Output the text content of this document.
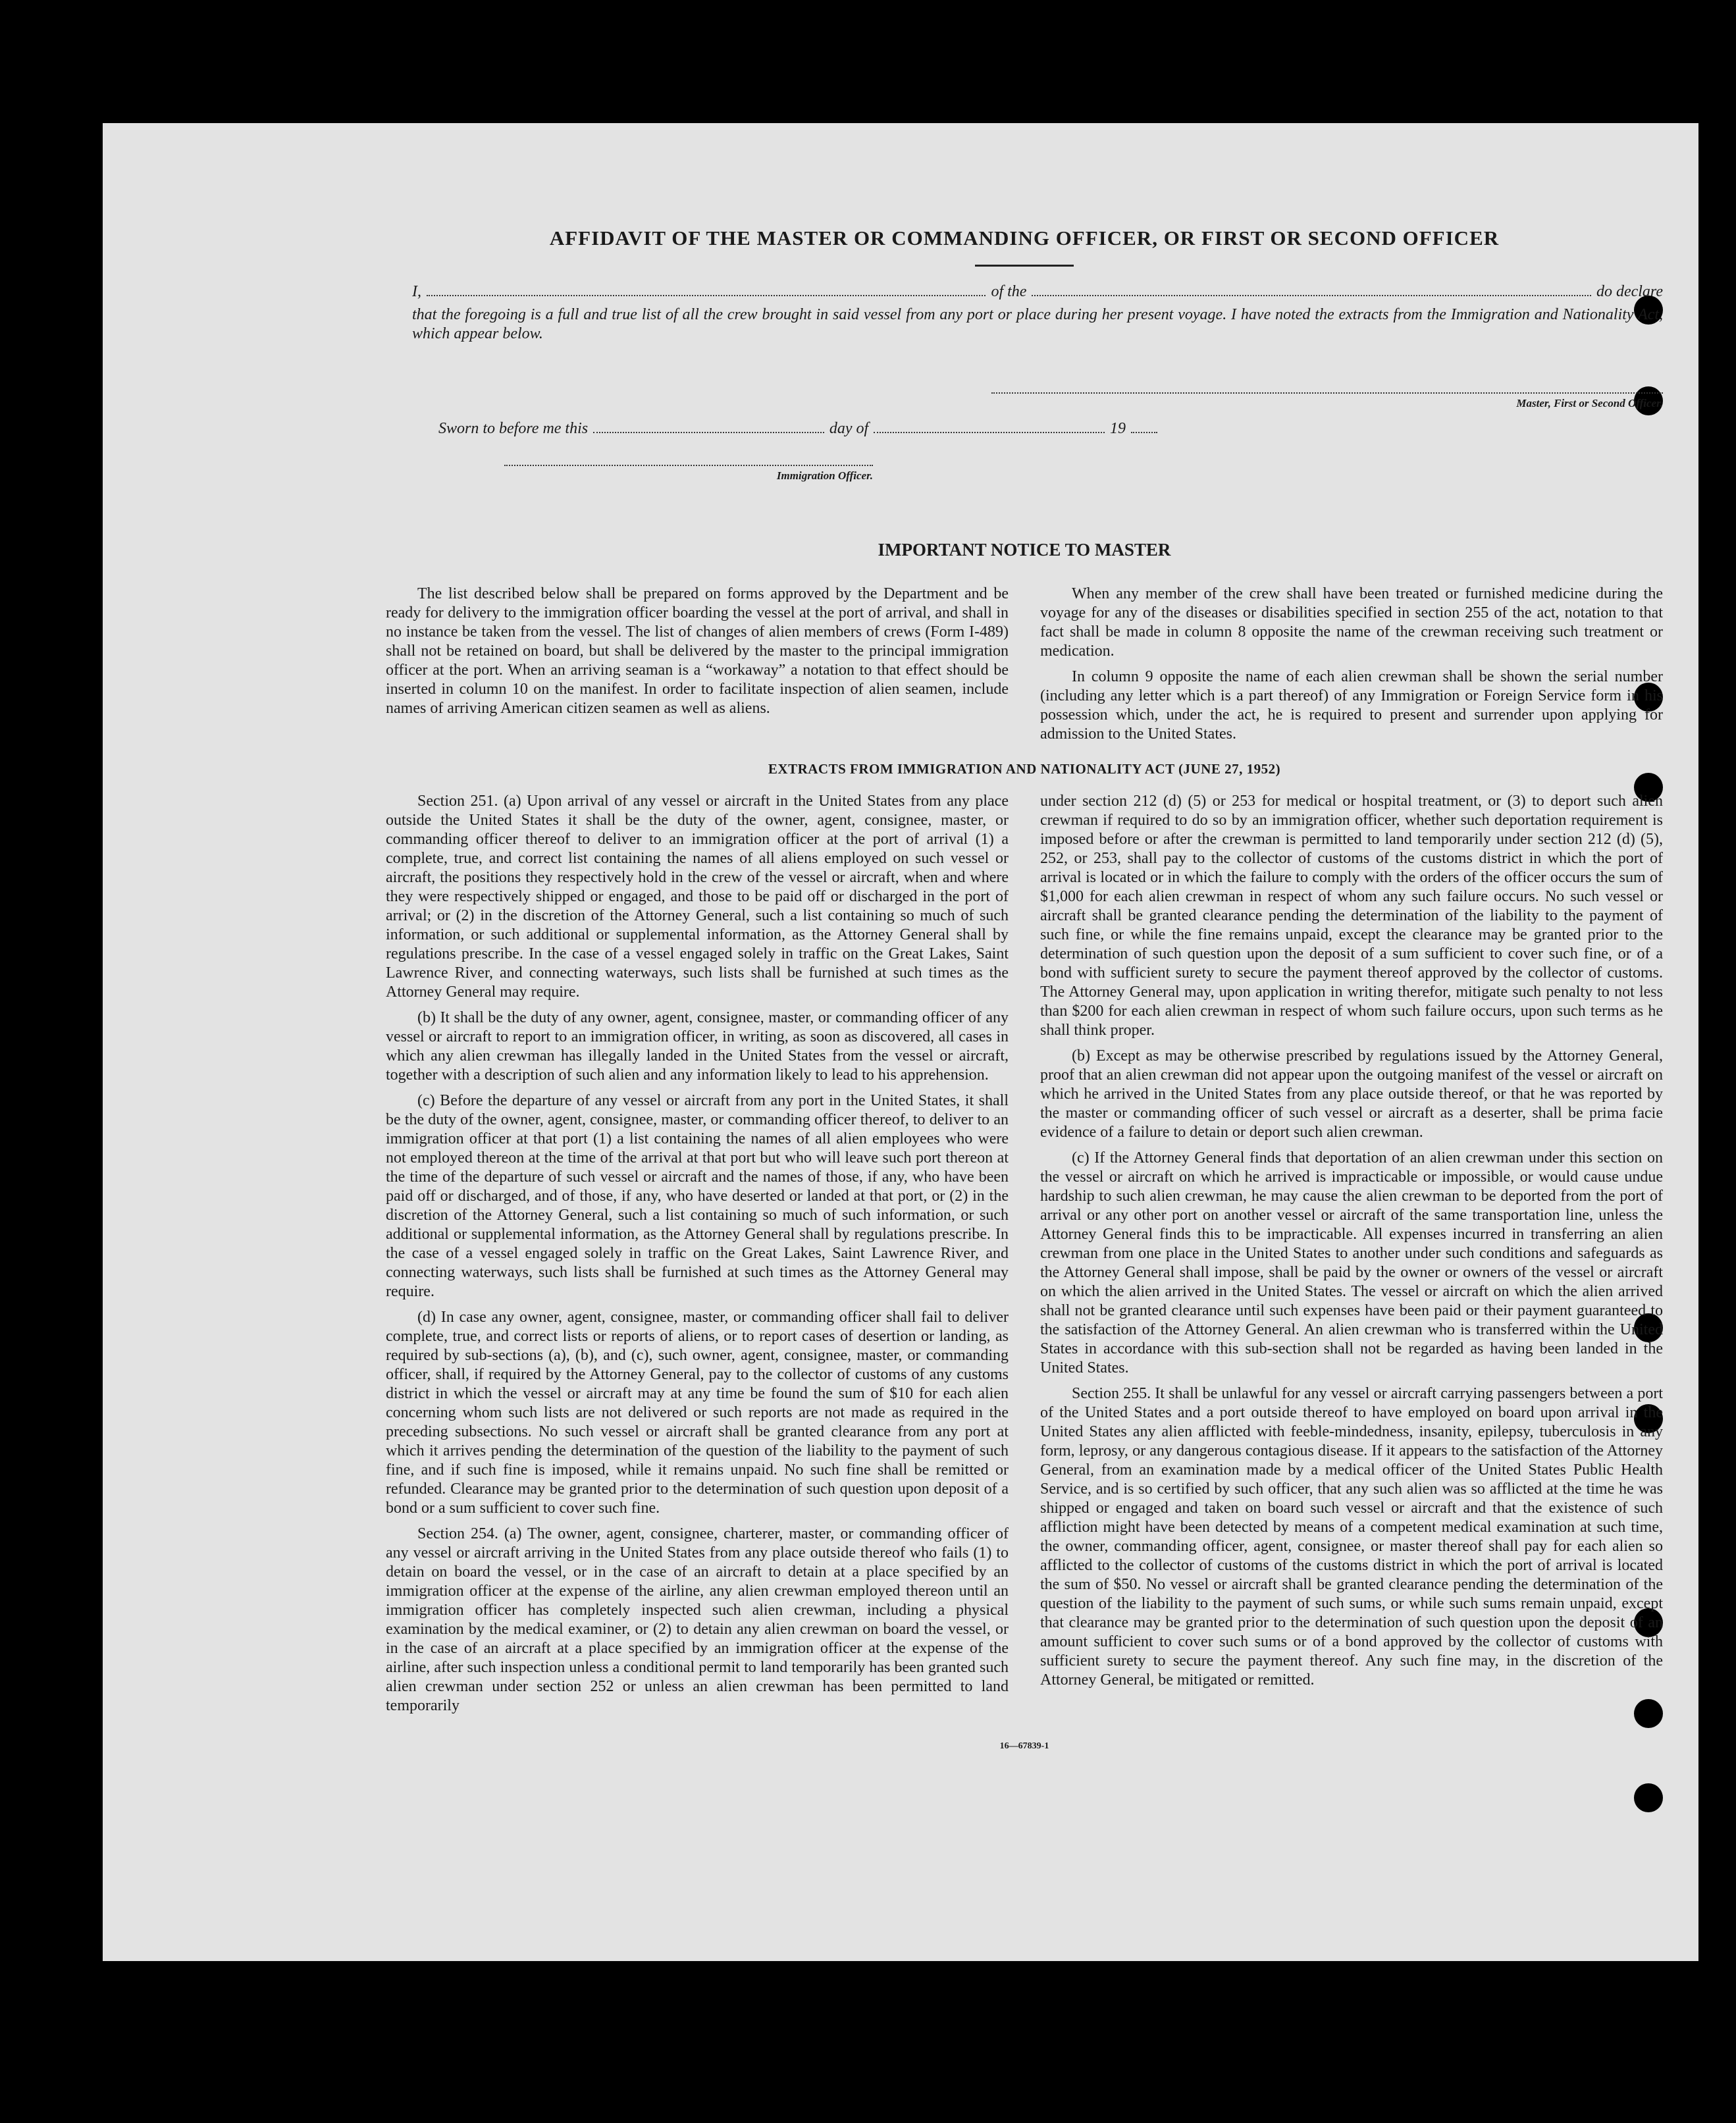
AFFIDAVIT OF THE MASTER OR COMMANDING OFFICER, OR FIRST OR SECOND OFFICER
I,	of the	do declare

that the foregoing is a full and true list of all the crew brought in said vessel from any port or place during her present voyage. I have noted the extracts from the Immigration and Nationality Act, which appear below.

Master, First or Second Officer.
Sworn to before me this	day of	19
Immigration Officer.
IMPORTANT NOTICE TO MASTER

The list described below shall be prepared on forms approved by the Department and be ready for delivery to the immigration officer boarding the vessel at the port of arrival, and shall in no instance be taken from the vessel. The list of changes of alien members of crews (Form I-489) shall not be retained on board, but shall be delivered by the master to the principal immigration officer at the port. When an arriving seaman is a “workaway” a notation to that effect should be inserted in column 10 on the manifest. In order to facilitate inspection of alien seamen, include names of arriving American citizen seamen as well as aliens.

When any member of the crew shall have been treated or furnished medicine during the voyage for any of the diseases or disabilities specified in section 255 of the act, notation to that fact shall be made in column 8 opposite the name of the crewman receiving such treatment or medication.

In column 9 opposite the name of each alien crewman shall be shown the serial number (including any letter which is a part thereof) of any Immigration or Foreign Service form in his possession which, under the act, he is required to present and surrender upon applying for admission to the United States.

EXTRACTS FROM IMMIGRATION AND NATIONALITY ACT (JUNE 27, 1952)

Section 251. (a) Upon arrival of any vessel or aircraft in the United States from any place outside the United States it shall be the duty of the owner, agent, consignee, master, or commanding officer thereof to deliver to an immigration officer at the port of arrival (1) a complete, true, and correct list containing the names of all aliens employed on such vessel or aircraft, the positions they respectively hold in the crew of the vessel or aircraft, when and where they were respectively shipped or engaged, and those to be paid off or discharged in the port of arrival; or (2) in the discretion of the Attorney General, such a list containing so much of such information, or such additional or supplemental information, as the Attorney General shall by regulations prescribe. In the case of a vessel engaged solely in traffic on the Great Lakes, Saint Lawrence River, and connecting waterways, such lists shall be furnished at such times as the Attorney General may require.

(b) It shall be the duty of any owner, agent, consignee, master, or commanding officer of any vessel or aircraft to report to an immigration officer, in writing, as soon as discovered, all cases in which any alien crewman has illegally landed in the United States from the vessel or aircraft, together with a description of such alien and any information likely to lead to his apprehension.

(c) Before the departure of any vessel or aircraft from any port in the United States, it shall be the duty of the owner, agent, consignee, master, or commanding officer thereof, to deliver to an immigration officer at that port (1) a list containing the names of all alien employees who were not employed thereon at the time of the arrival at that port but who will leave such port thereon at the time of the departure of such vessel or aircraft and the names of those, if any, who have been paid off or discharged, and of those, if any, who have deserted or landed at that port, or (2) in the discretion of the Attorney General, such a list containing so much of such information, or such additional or supplemental information, as the Attorney General shall by regulations prescribe. In the case of a vessel engaged solely in traffic on the Great Lakes, Saint Lawrence River, and connecting waterways, such lists shall be furnished at such times as the Attorney General may require.

(d) In case any owner, agent, consignee, master, or commanding officer shall fail to deliver complete, true, and correct lists or reports of aliens, or to report cases of desertion or landing, as required by sub-sections (a), (b), and (c), such owner, agent, consignee, master, or commanding officer, shall, if required by the Attorney General, pay to the collector of customs of any customs district in which the vessel or aircraft may at any time be found the sum of $10 for each alien concerning whom such lists are not delivered or such reports are not made as required in the preceding subsections. No such vessel or aircraft shall be granted clearance from any port at which it arrives pending the determination of the question of the liability to the payment of such fine, and if such fine is imposed, while it remains unpaid. No such fine shall be remitted or refunded. Clearance may be granted prior to the determination of such question upon deposit of a bond or a sum sufficient to cover such fine.

Section 254. (a) The owner, agent, consignee, charterer, master, or commanding officer of any vessel or aircraft arriving in the United States from any place outside thereof who fails (1) to detain on board the vessel, or in the case of an aircraft to detain at a place specified by an immigration officer at the expense of the airline, any alien crewman employed thereon until an immigration officer has completely inspected such alien crewman, including a physical examination by the medical examiner, or (2) to detain any alien crewman on board the vessel, or in the case of an aircraft at a place specified by an immigration officer at the expense of the airline, after such inspection unless a conditional permit to land temporarily has been granted such alien crewman under section 252 or unless an alien crewman has been permitted to land temporarily

under section 212 (d) (5) or 253 for medical or hospital treatment, or (3) to deport such alien crewman if required to do so by an immigration officer, whether such deportation requirement is imposed before or after the crewman is permitted to land temporarily under section 212 (d) (5), 252, or 253, shall pay to the collector of customs of the customs district in which the port of arrival is located or in which the failure to comply with the orders of the officer occurs the sum of $1,000 for each alien crewman in respect of whom any such failure occurs. No such vessel or aircraft shall be granted clearance pending the determination of the liability to the payment of such fine, or while the fine remains unpaid, except the clearance may be granted prior to the determination of such question upon the deposit of a sum sufficient to cover such fine, or of a bond with sufficient surety to secure the payment thereof approved by the collector of customs. The Attorney General may, upon application in writing therefor, mitigate such penalty to not less than $200 for each alien crewman in respect of whom such failure occurs, upon such terms as he shall think proper.

(b) Except as may be otherwise prescribed by regulations issued by the Attorney General, proof that an alien crewman did not appear upon the outgoing manifest of the vessel or aircraft on which he arrived in the United States from any place outside thereof, or that he was reported by the master or commanding officer of such vessel or aircraft as a deserter, shall be prima facie evidence of a failure to detain or deport such alien crewman.

(c) If the Attorney General finds that deportation of an alien crewman under this section on the vessel or aircraft on which he arrived is impracticable or impossible, or would cause undue hardship to such alien crewman, he may cause the alien crewman to be deported from the port of arrival or any other port on another vessel or aircraft of the same transportation line, unless the Attorney General finds this to be impracticable. All expenses incurred in transferring an alien crewman from one place in the United States to another under such conditions and safeguards as the Attorney General shall impose, shall be paid by the owner or owners of the vessel or aircraft on which the alien arrived in the United States. The vessel or aircraft on which the alien arrived shall not be granted clearance until such expenses have been paid or their payment guaranteed to the satisfaction of the Attorney General. An alien crewman who is transferred within the United States in accordance with this sub-section shall not be regarded as having been landed in the United States.

Section 255. It shall be unlawful for any vessel or aircraft carrying passengers between a port of the United States and a port outside thereof to have employed on board upon arrival in the United States any alien afflicted with feeble-mindedness, insanity, epilepsy, tuberculosis in any form, leprosy, or any dangerous contagious disease. If it appears to the satisfaction of the Attorney General, from an examination made by a medical officer of the United States Public Health Service, and is so certified by such officer, that any such alien was so afflicted at the time he was shipped or engaged and taken on board such vessel or aircraft and that the existence of such affliction might have been detected by means of a competent medical examination at such time, the owner, commanding officer, agent, consignee, or master thereof shall pay for each alien so afflicted to the collector of customs of the customs district in which the port of arrival is located the sum of $50. No vessel or aircraft shall be granted clearance pending the determination of the question of the liability to the payment of such sums, or while such sums remain unpaid, except that clearance may be granted prior to the determination of such question upon the deposit of an amount sufficient to cover such sums or of a bond approved by the collector of customs with sufficient surety to secure the payment thereof. Any such fine may, in the discretion of the Attorney General, be mitigated or remitted.

16—67839-1
